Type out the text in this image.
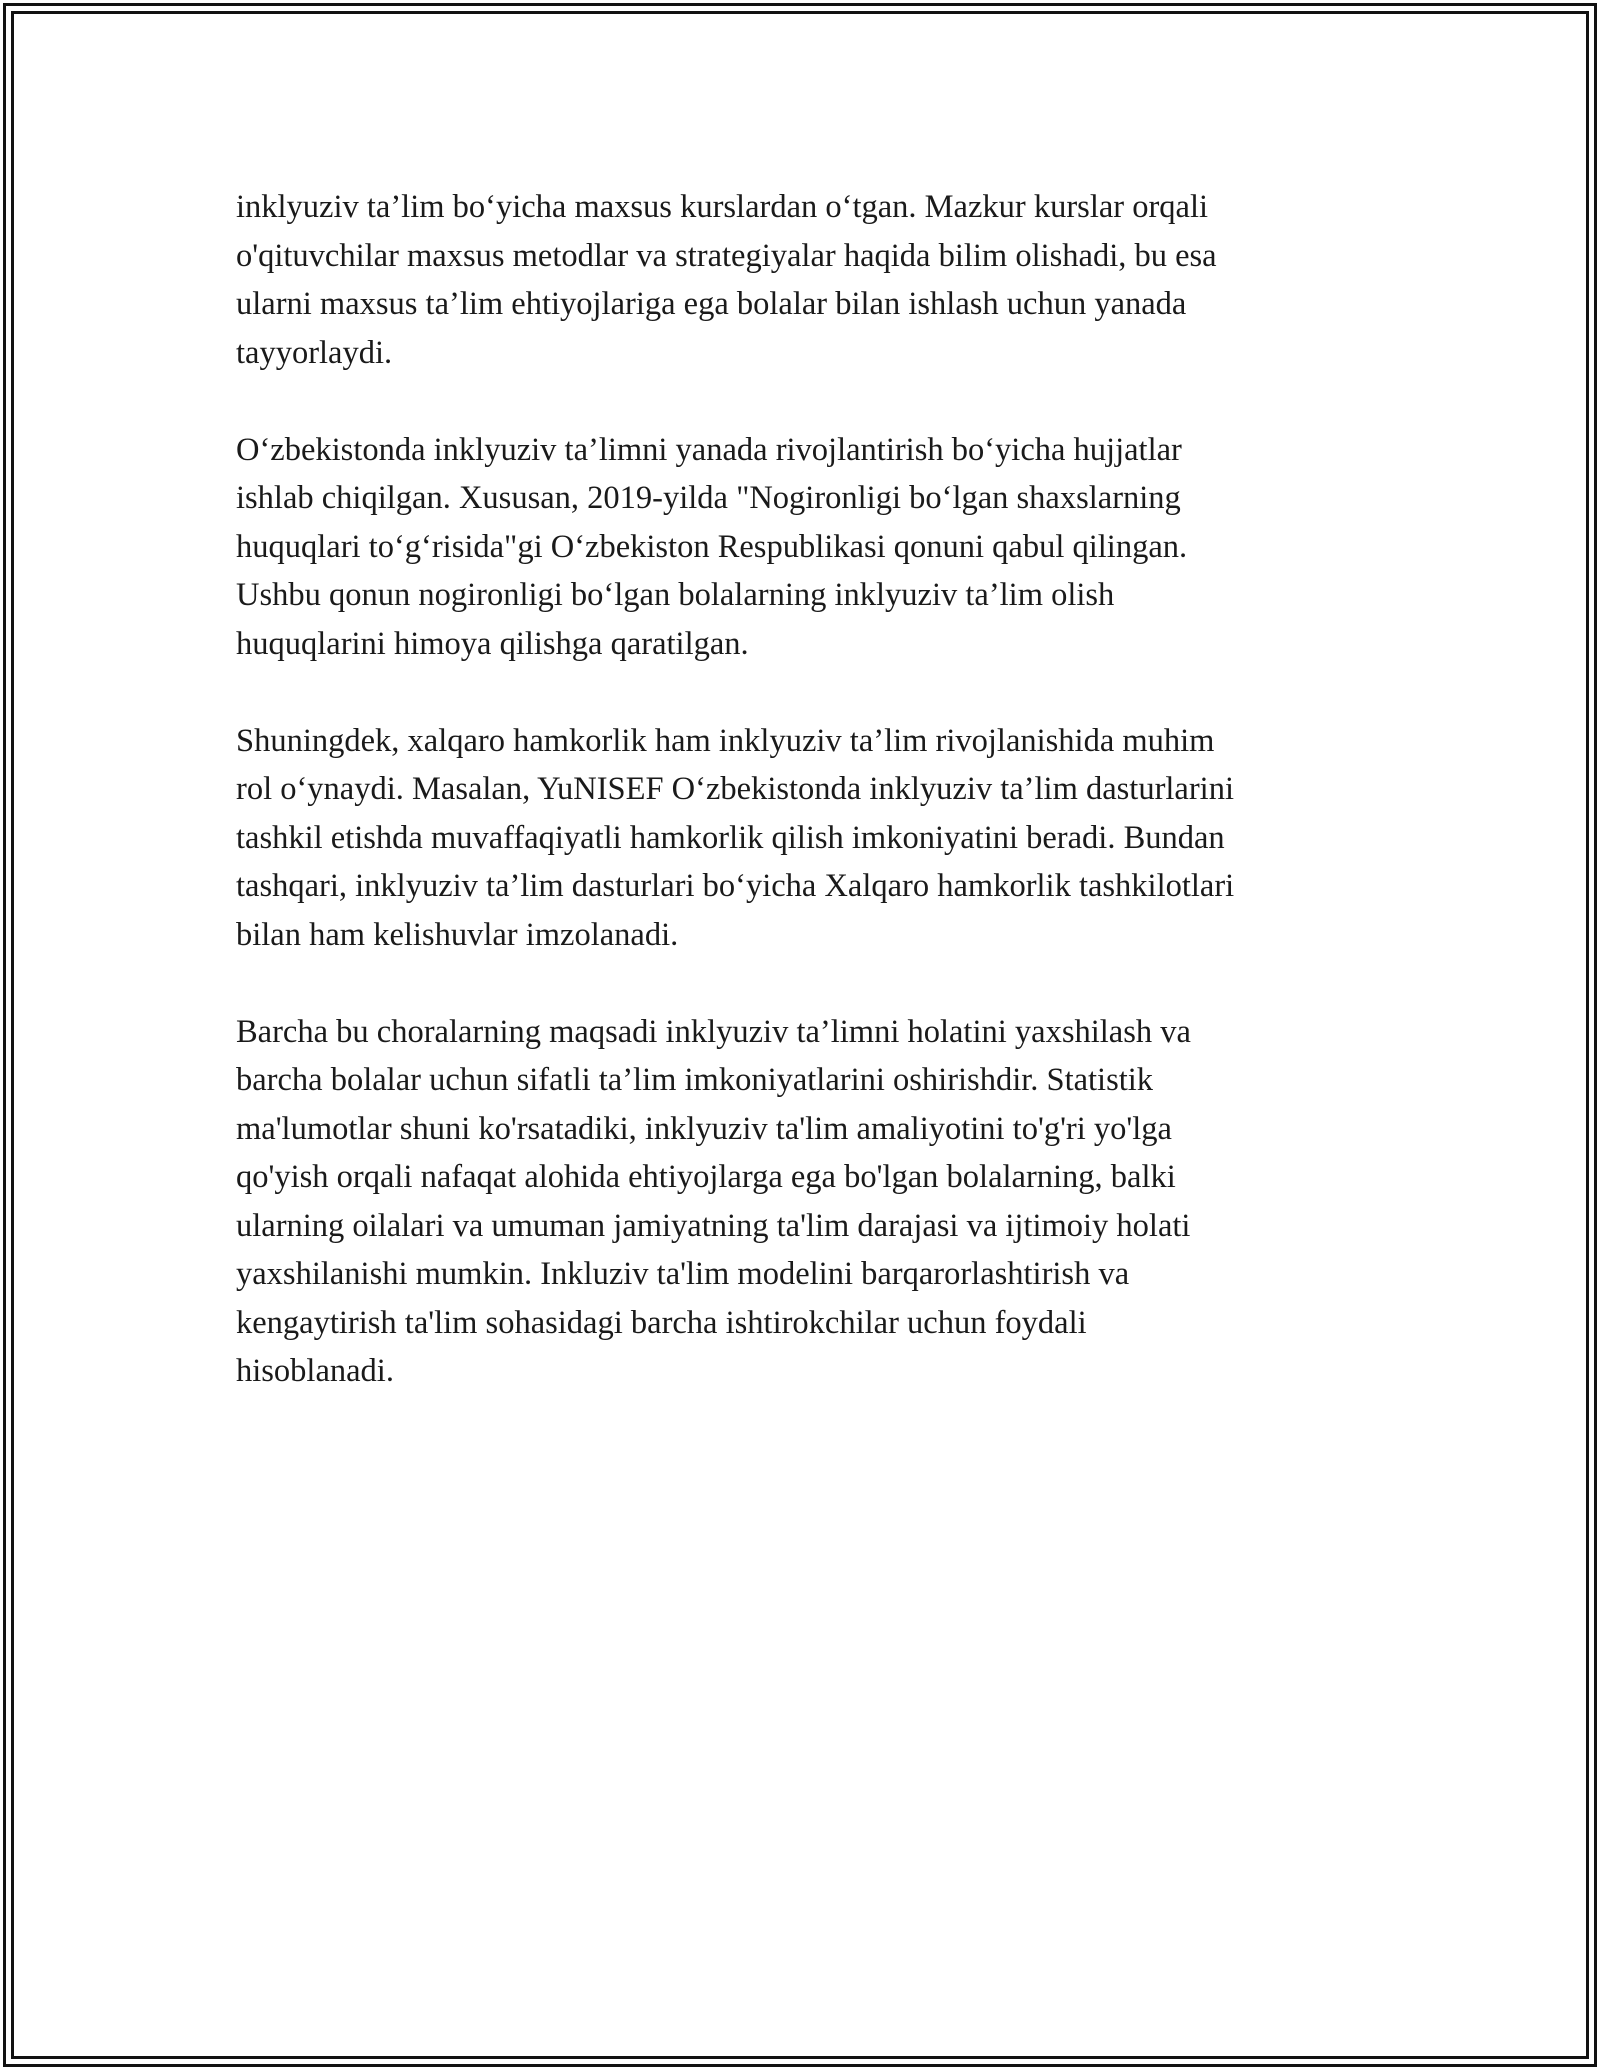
inklyuziv ta’lim bo‘yicha maxsus kurslardan o‘tgan. Mazkur kurslar orqali
o'qituvchilar maxsus metodlar va strategiyalar haqida bilim olishadi, bu esa
ularni maxsus ta’lim ehtiyojlariga ega bolalar bilan ishlash uchun yanada
tayyorlaydi.

O‘zbekistonda inklyuziv ta’limni yanada rivojlantirish bo‘yicha hujjatlar
ishlab chiqilgan. Xususan, 2019-yilda "Nogironligi bo‘lgan shaxslarning
huquqlari to‘g‘risida"gi O‘zbekiston Respublikasi qonuni qabul qilingan.
Ushbu qonun nogironligi bo‘lgan bolalarning inklyuziv ta’lim olish
huquqlarini himoya qilishga qaratilgan.

Shuningdek, xalqaro hamkorlik ham inklyuziv ta’lim rivojlanishida muhim
rol o‘ynaydi. Masalan, YuNISEF O‘zbekistonda inklyuziv ta’lim dasturlarini
tashkil etishda muvaffaqiyatli hamkorlik qilish imkoniyatini beradi. Bundan
tashqari, inklyuziv ta’lim dasturlari bo‘yicha Xalqaro hamkorlik tashkilotlari
bilan ham kelishuvlar imzolanadi.

Barcha bu choralarning maqsadi inklyuziv ta’limni holatini yaxshilash va
barcha bolalar uchun sifatli ta’lim imkoniyatlarini oshirishdir. Statistik
ma'lumotlar shuni ko'rsatadiki, inklyuziv ta'lim amaliyotini to'g'ri yo'lga
qo'yish orqali nafaqat alohida ehtiyojlarga ega bo'lgan bolalarning, balki
ularning oilalari va umuman jamiyatning ta'lim darajasi va ijtimoiy holati
yaxshilanishi mumkin. Inkluziv ta'lim modelini barqarorlashtirish va
kengaytirish ta'lim sohasidagi barcha ishtirokchilar uchun foydali
hisoblanadi.
